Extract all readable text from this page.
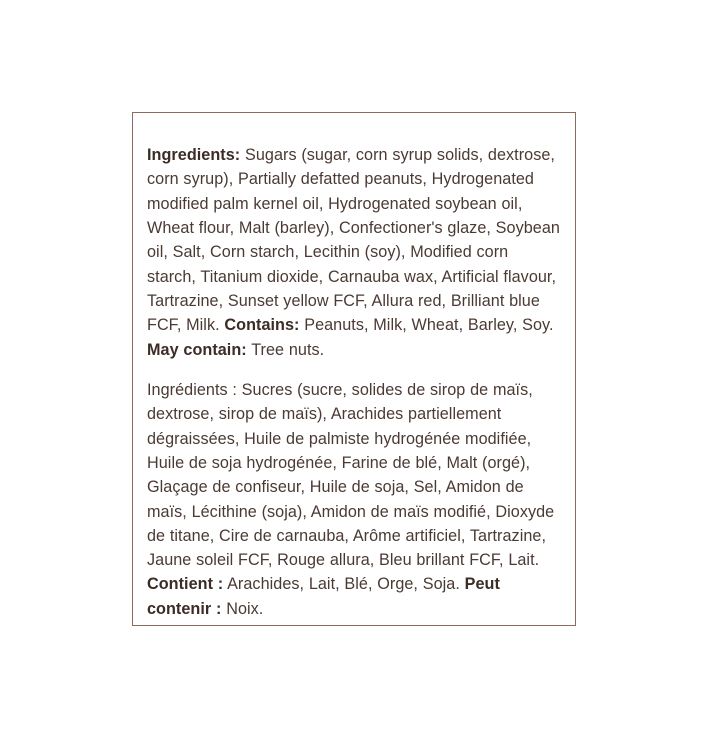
Ingredients: Sugars (sugar, corn syrup solids, dextrose, corn syrup), Partially defatted peanuts, Hydrogenated modified palm kernel oil, Hydrogenated soybean oil, Wheat flour, Malt (barley), Confectioner's glaze, Soybean oil, Salt, Corn starch, Lecithin (soy), Modified corn starch, Titanium dioxide, Carnauba wax, Artificial flavour, Tartrazine, Sunset yellow FCF, Allura red, Brilliant blue FCF, Milk. Contains: Peanuts, Milk, Wheat, Barley, Soy. May contain: Tree nuts.

Ingrédients : Sucres (sucre, solides de sirop de maïs, dextrose, sirop de maïs), Arachides partiellement dégraissées, Huile de palmiste hydrogénée modifiée, Huile de soja hydrogénée, Farine de blé, Malt (orgé), Glaçage de confiseur, Huile de soja, Sel, Amidon de maïs, Lécithine (soja), Amidon de maïs modifié, Dioxyde de titane, Cire de carnauba, Arôme artificiel, Tartrazine, Jaune soleil FCF, Rouge allura, Bleu brillant FCF, Lait. Contient : Arachides, Lait, Blé, Orge, Soja. Peut contenir : Noix.
